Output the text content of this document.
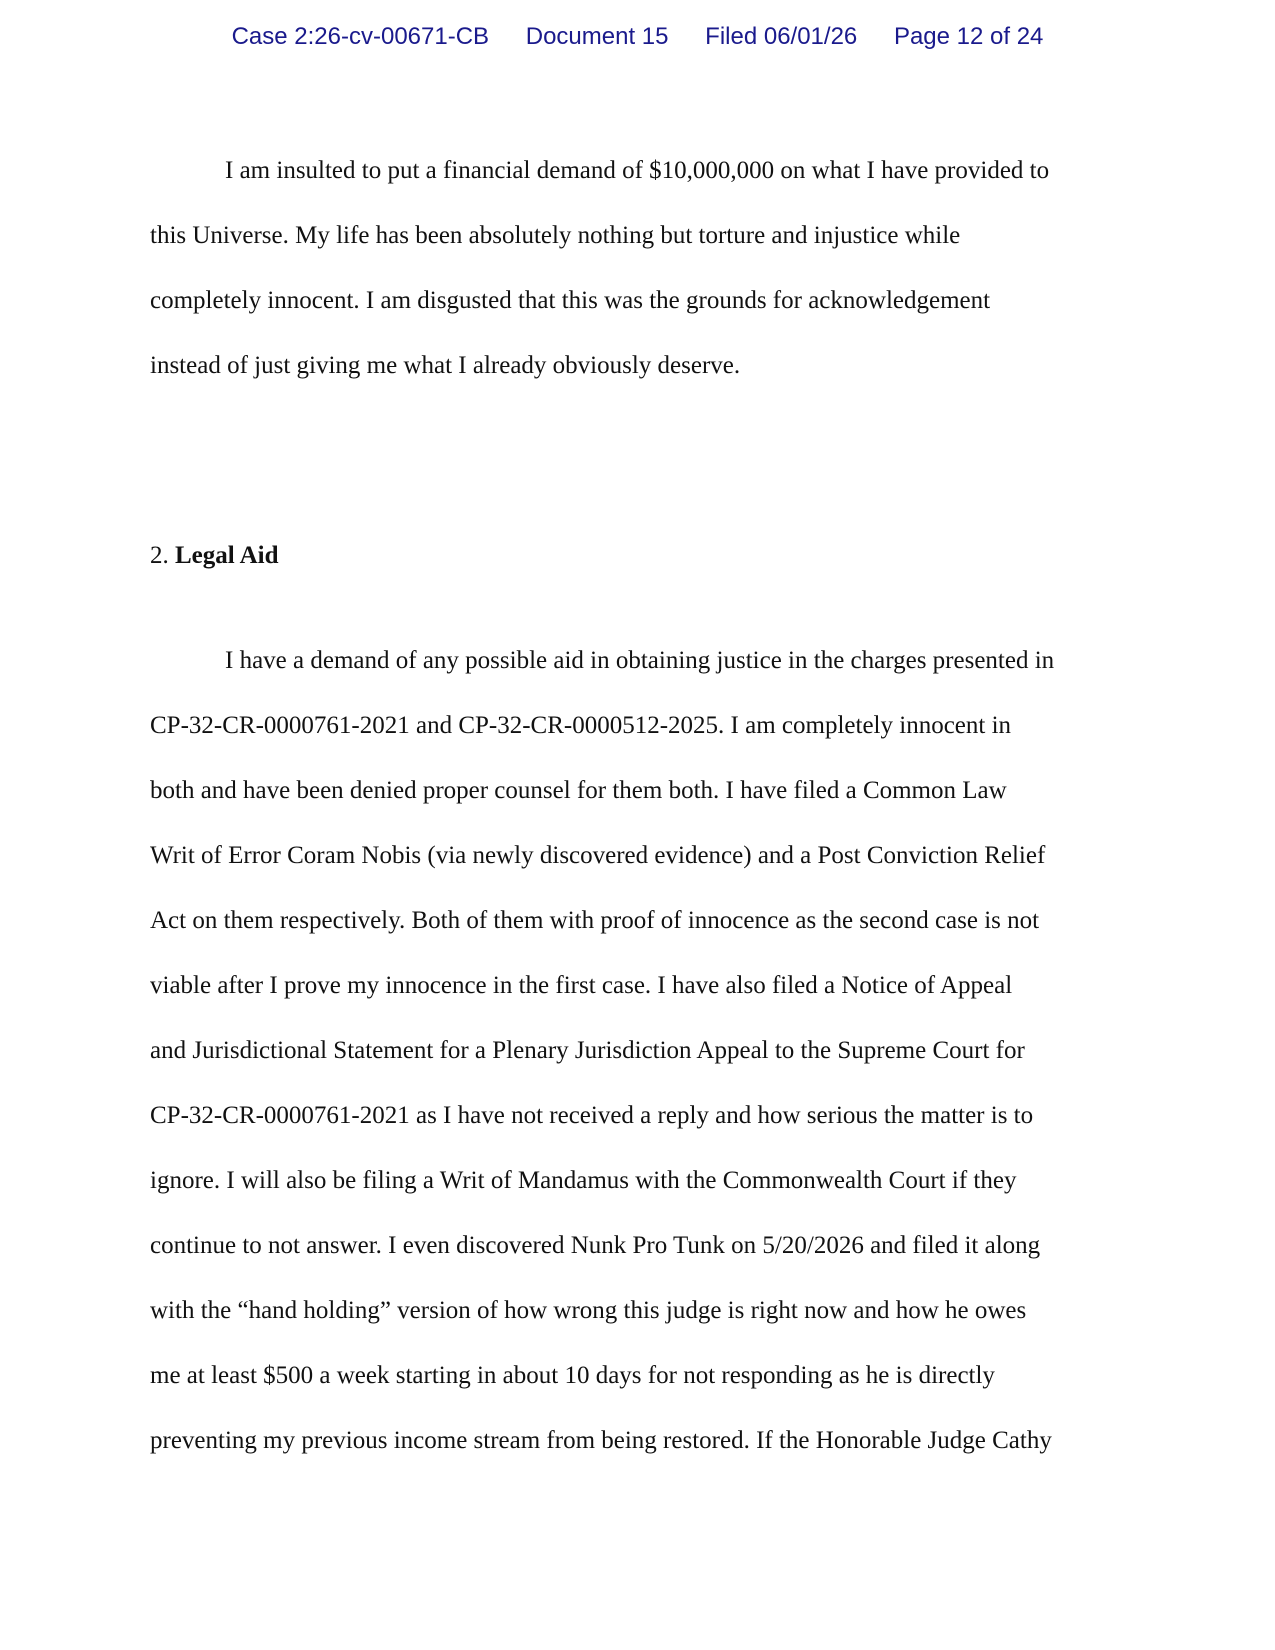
Case 2:26-cv-00671-CB Document 15 Filed 06/01/26 Page 12 of 24
I am insulted to put a financial demand of $10,000,000 on what I have provided to
this Universe. My life has been absolutely nothing but torture and injustice while
completely innocent. I am disgusted that this was the grounds for acknowledgement
instead of just giving me what I already obviously deserve.
2. Legal Aid
I have a demand of any possible aid in obtaining justice in the charges presented in
CP-32-CR-0000761-2021 and CP-32-CR-0000512-2025. I am completely innocent in
both and have been denied proper counsel for them both. I have filed a Common Law
Writ of Error Coram Nobis (via newly discovered evidence) and a Post Conviction Relief
Act on them respectively. Both of them with proof of innocence as the second case is not
viable after I prove my innocence in the first case. I have also filed a Notice of Appeal
and Jurisdictional Statement for a Plenary Jurisdiction Appeal to the Supreme Court for
CP-32-CR-0000761-2021 as I have not received a reply and how serious the matter is to
ignore. I will also be filing a Writ of Mandamus with the Commonwealth Court if they
continue to not answer. I even discovered Nunk Pro Tunk on 5/20/2026 and filed it along
with the “hand holding” version of how wrong this judge is right now and how he owes
me at least $500 a week starting in about 10 days for not responding as he is directly
preventing my previous income stream from being restored. If the Honorable Judge Cathy
